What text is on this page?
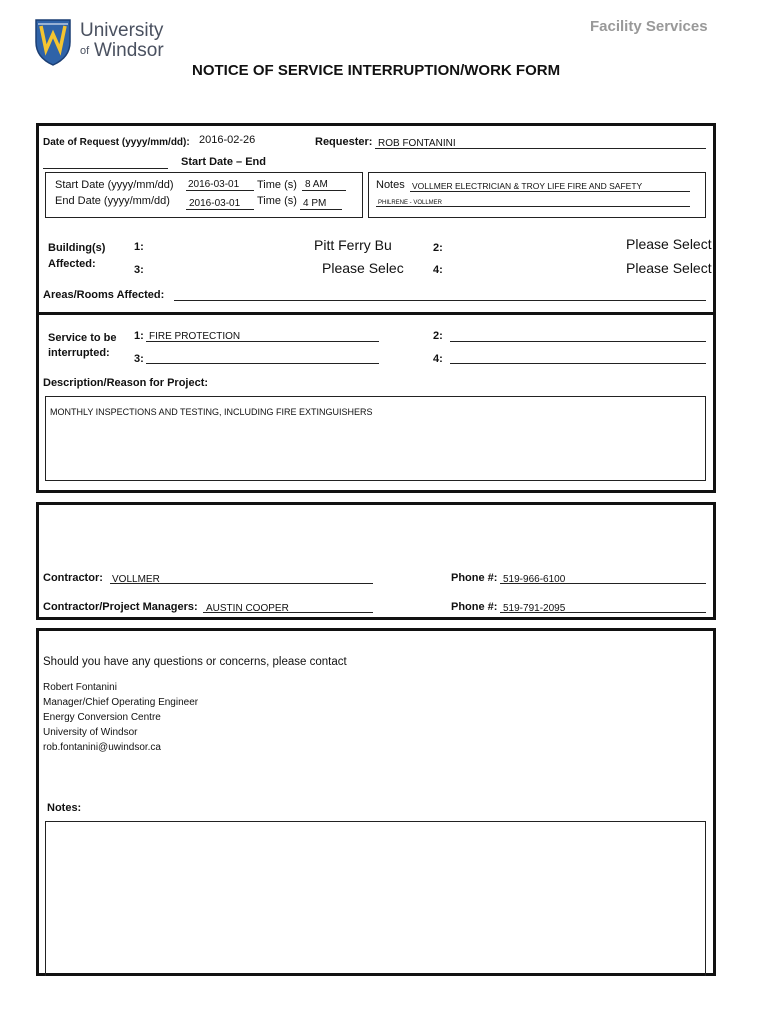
University
of Windsor
Facility Services
NOTICE OF SERVICE INTERRUPTION/WORK FORM
Date of Request (yyyy/mm/dd): 2016-02-26	Requester: ROB FONTANINI
Start Date – End
Start Date (yyyy/mm/dd) 2016-03-01 Time (s) 8 AM
End Date (yyyy/mm/dd) 2016-03-01 Time (s) 4 PM
Notes VOLLMER ELECTRICIAN & TROY LIFE FIRE AND SAFETY
PHILRENE - VOLLMER
Building(s)
Affected:
1:	Pitt Ferry Bu	2:	Please Select
3:	Please Selec	4:	Please Select
Areas/Rooms Affected:
Service to be
interrupted:
1: FIRE PROTECTION	2:
3:	4:
Description/Reason for Project:
MONTHLY INSPECTIONS AND TESTING, INCLUDING FIRE EXTINGUISHERS
Contractor: VOLLMER	Phone #: 519-966-6100
Contractor/Project Managers: AUSTIN COOPER	Phone #: 519-791-2095
Should you have any questions or concerns, please contact
Robert Fontanini
Manager/Chief Operating Engineer
Energy Conversion Centre
University of Windsor
rob.fontanini@uwindsor.ca
Notes:
